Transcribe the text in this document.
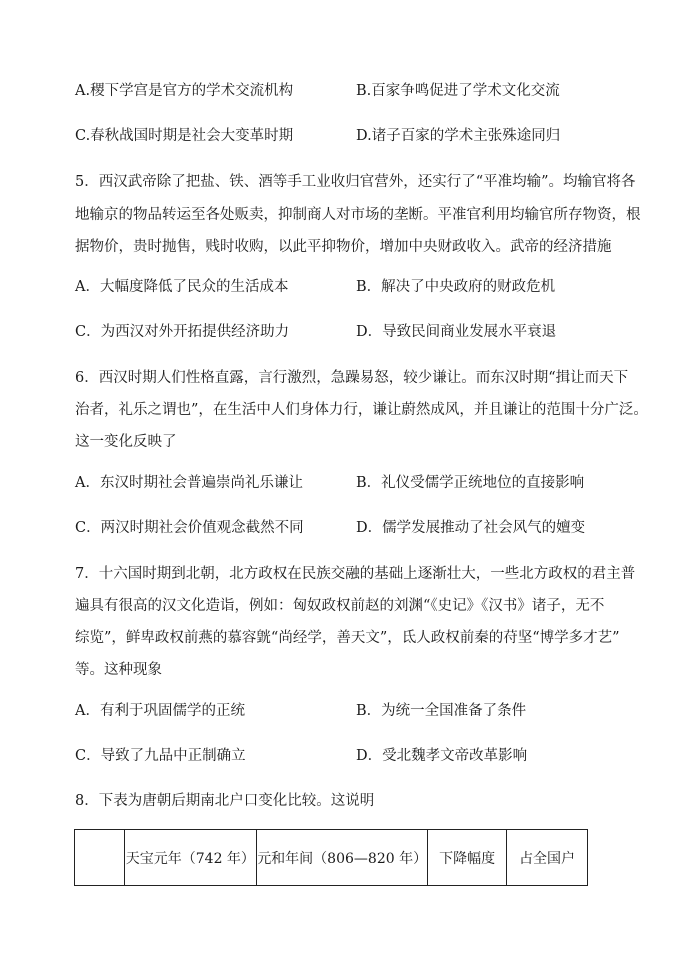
A.稷下学宫是官方的学术交流机构	B.百家争鸣促进了学术文化交流
C.春秋战国时期是社会大变革时期	D.诸子百家的学术主张殊途同归
5．西汉武帝除了把盐、铁、酒等手工业收归官营外，还实行了“平准均输”。均输官将各
地输京的物品转运至各处贩卖，抑制商人对市场的垄断。平准官利用均输官所存物资，根
据物价，贵时抛售，贱时收购，以此平抑物价，增加中央财政收入。武帝的经济措施
A．大幅度降低了民众的生活成本	B．解决了中央政府的财政危机
C．为西汉对外开拓提供经济助力	D．导致民间商业发展水平衰退
6．西汉时期人们性格直露，言行激烈，急躁易怒，较少谦让。而东汉时期“揖让而天下
治者，礼乐之谓也”，在生活中人们身体力行，谦让蔚然成风，并且谦让的范围十分广泛。
这一变化反映了
A．东汉时期社会普遍崇尚礼乐谦让	B．礼仪受儒学正统地位的直接影响
C．两汉时期社会价值观念截然不同	D．儒学发展推动了社会风气的嬗变
7．十六国时期到北朝，北方政权在民族交融的基础上逐渐壮大，一些北方政权的君主普
遍具有很高的汉文化造诣，例如：匈奴政权前赵的刘渊“《史记》《汉书》诸子，无不
综览”，鲜卑政权前燕的慕容皝“尚经学，善天文”，氐人政权前秦的苻坚“博学多才艺”
等。这种现象
A．有利于巩固儒学的正统	B．为统一全国准备了条件
C．导致了九品中正制确立	D．受北魏孝文帝改革影响
8．下表为唐朝后期南北户口变化比较。这说明
	天宝元年（742 年）	元和年间（806—820 年）	下降幅度	占全国户
